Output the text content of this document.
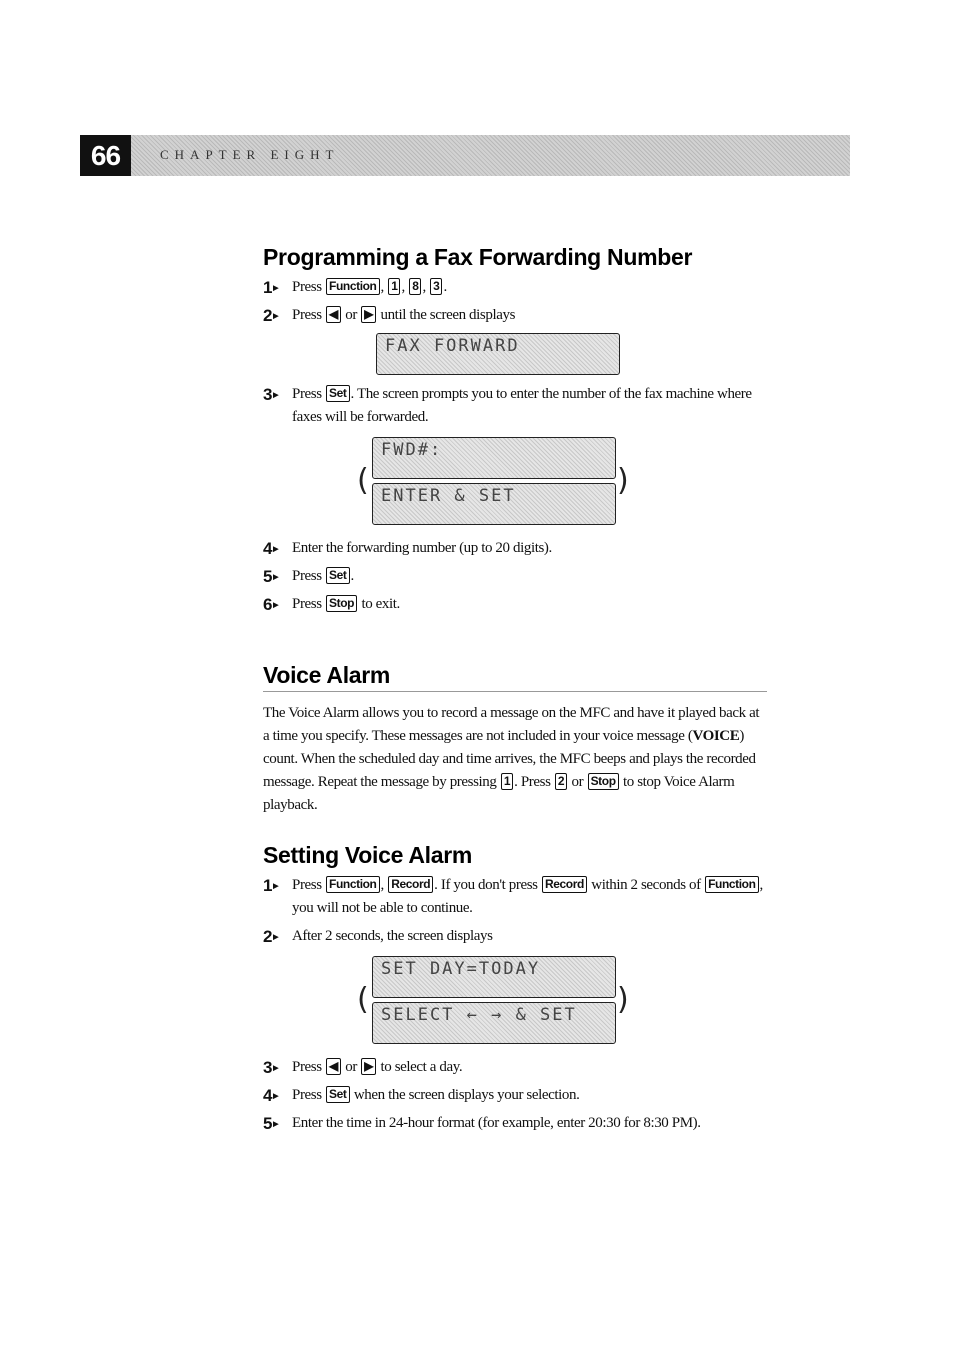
66	CHAPTER EIGHT
Programming a Fax Forwarding Number
1 ▶	Press Function , 1 , 8 , 3 .
2 ▶	Press ◀ or ▶ until the screen displays
FAX FORWARD
3 ▶	Press Set . The screen prompts you to enter the number of the fax machine where faxes will be forwarded.
(
FWD#:
ENTER & SET	)
4 ▶	Enter the forwarding number (up to 20 digits).
5 ▶	Press Set .
6 ▶	Press Stop to exit.
Voice Alarm

The Voice Alarm allows you to record a message on the MFC and have it played back at a time you specify. These messages are not included in your voice message (VOICE) count. When the scheduled day and time arrives, the MFC beeps and plays the recorded message. Repeat the message by pressing 1 . Press 2 or Stop to stop Voice Alarm playback.

Setting Voice Alarm
1 ▶	Press Function , Record . If you don't press Record within 2 seconds of Function , you will not be able to continue.
2 ▶	After 2 seconds, the screen displays
(
SET DAY=TODAY
SELECT ← → & SET	)
3 ▶	Press ◀ or ▶ to select a day.
4 ▶	Press Set when the screen displays your selection.
5 ▶	Enter the time in 24-hour format (for example, enter 20:30 for 8:30 PM).
